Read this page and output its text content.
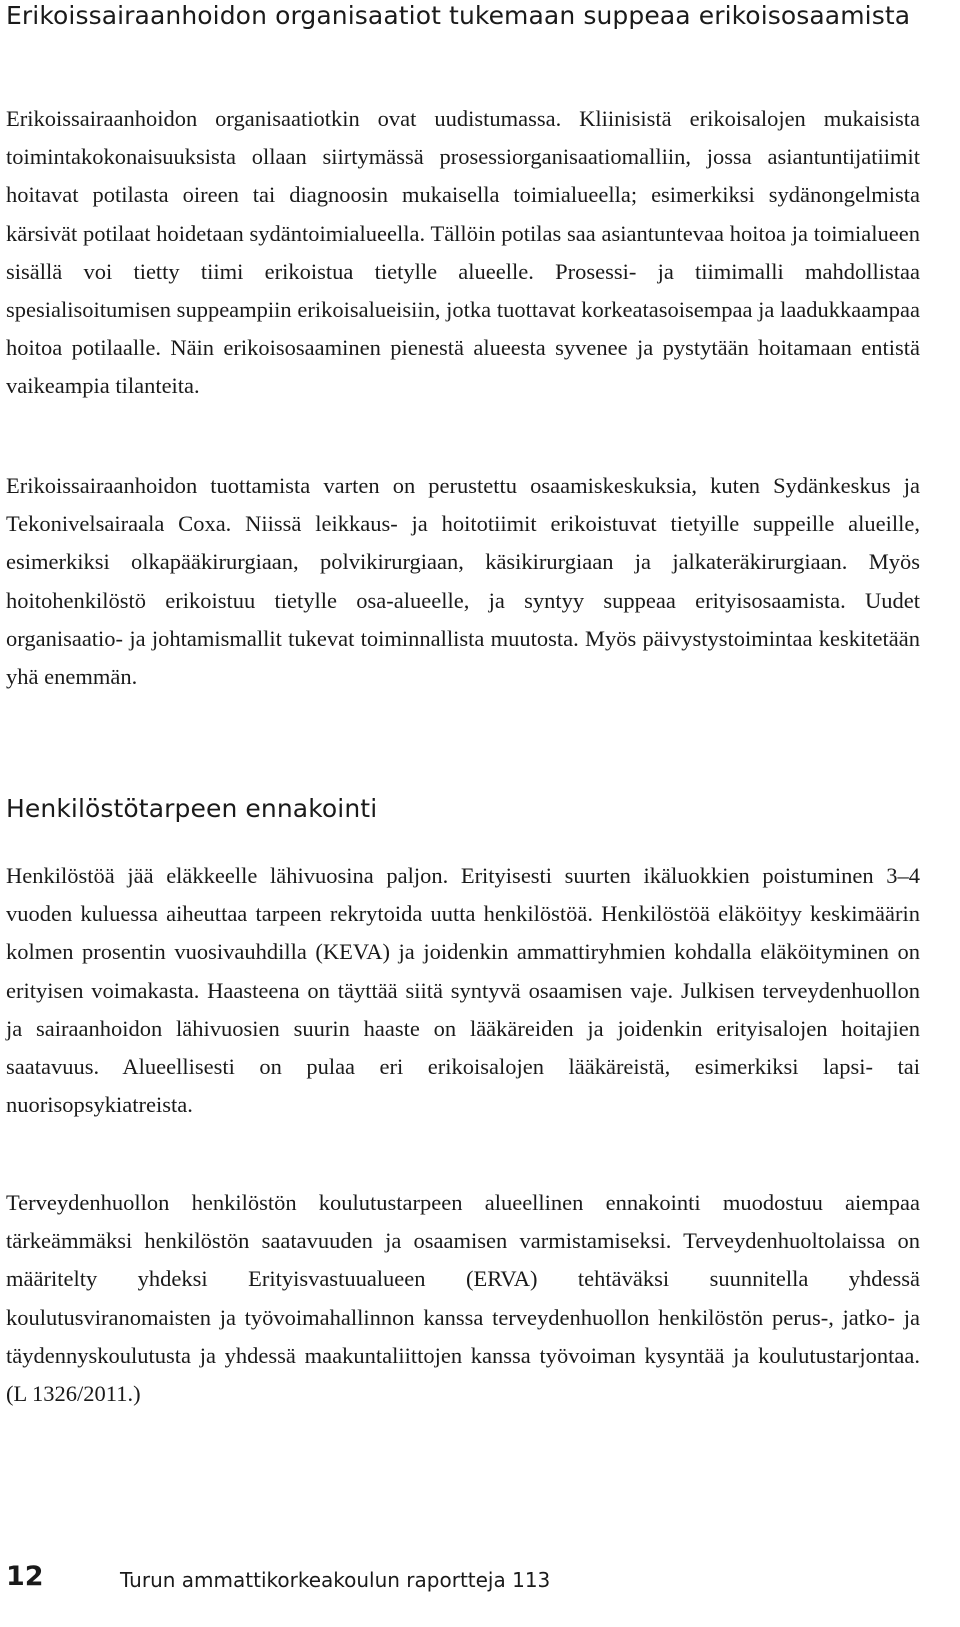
Erikoissairaanhoidon organisaatiot tukemaan suppeaa erikoisosaamista

Erikoissairaanhoidon organisaatiotkin ovat uudistumassa. Kliinisistä erikoisalojen mukaisista toimintakokonaisuuksista ollaan siirtymässä prosessiorganisaatiomalliin, jossa asiantuntijatiimit hoitavat potilasta oireen tai diagnoosin mukaisella toimialueella; esimerkiksi sydänongelmista kärsivät potilaat hoidetaan sydäntoimialueella. Tällöin potilas saa asiantuntevaa hoitoa ja toimialueen sisällä voi tietty tiimi erikoistua tietylle alueelle. Prosessi- ja tiimimalli mahdollistaa spesialisoitumisen suppeampiin erikoisalueisiin, jotka tuottavat korkeatasoisempaa ja laadukkaampaa hoitoa potilaalle. Näin erikoisosaaminen pienestä alueesta syvenee ja pystytään hoitamaan entistä vaikeampia tilanteita.

Erikoissairaanhoidon tuottamista varten on perustettu osaamiskeskuksia, kuten Sydänkeskus ja Tekonivelsairaala Coxa. Niissä leikkaus- ja hoitotiimit erikoistuvat tietyille suppeille alueille, esimerkiksi olkapääkirurgiaan, polvikirurgiaan, käsikirurgiaan ja jalkateräkirurgiaan. Myös hoitohenkilöstö erikoistuu tietylle osa-alueelle, ja syntyy suppeaa erityisosaamista. Uudet organisaatio- ja johtamismallit tukevat toiminnallista muutosta. Myös päivystystoimintaa keskitetään yhä enemmän.

Henkilöstötarpeen ennakointi

Henkilöstöä jää eläkkeelle lähivuosina paljon. Erityisesti suurten ikäluokkien poistuminen 3–4 vuoden kuluessa aiheuttaa tarpeen rekrytoida uutta henkilöstöä. Henkilöstöä eläköityy keskimäärin kolmen prosentin vuosivauhdilla (KEVA) ja joidenkin ammattiryhmien kohdalla eläköityminen on erityisen voimakasta. Haasteena on täyttää siitä syntyvä osaamisen vaje. Julkisen terveydenhuollon ja sairaanhoidon lähivuosien suurin haaste on lääkäreiden ja joidenkin erityisalojen hoitajien saatavuus. Alueellisesti on pulaa eri erikoisalojen lääkäreistä, esimerkiksi lapsi- tai nuorisopsykiatreista.

Terveydenhuollon henkilöstön koulutustarpeen alueellinen ennakointi muodostuu aiempaa tärkeämmäksi henkilöstön saatavuuden ja osaamisen varmistamiseksi. Terveydenhuoltolaissa on määritelty yhdeksi Erityisvastuualueen (ERVA) tehtäväksi suunnitella yhdessä koulutusviranomaisten ja työvoimahallinnon kanssa terveydenhuollon henkilöstön perus-, jatko- ja täydennyskoulutusta ja yhdessä maakuntaliittojen kanssa työvoiman kysyntää ja koulutustarjontaa. (L 1326/2011.)

12	Turun ammattikorkeakoulun raportteja 113
